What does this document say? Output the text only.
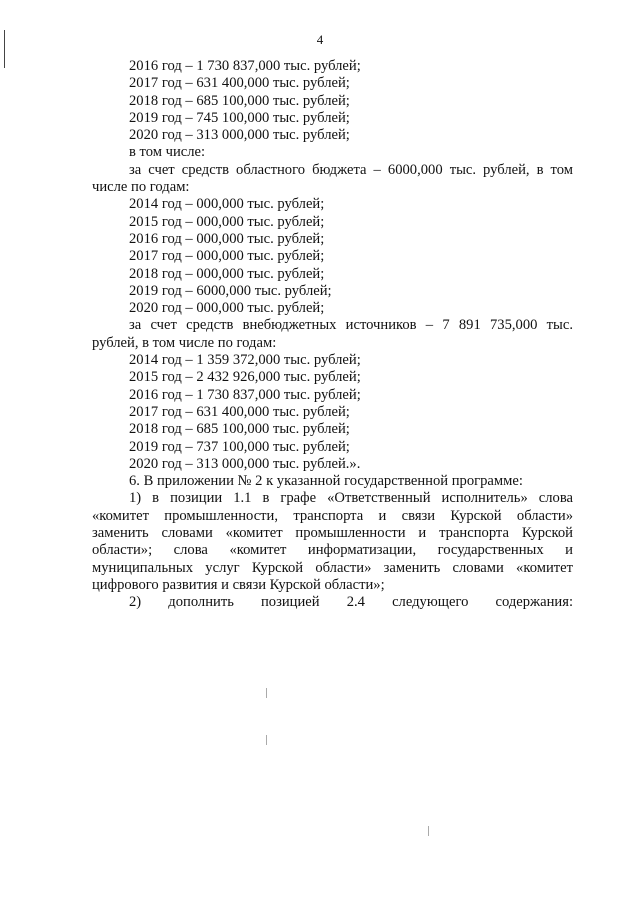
4
2016 год – 1 730 837,000 тыс. рублей;
2017 год – 631 400,000 тыс. рублей;
2018 год – 685 100,000 тыс. рублей;
2019 год – 745 100,000 тыс. рублей;
2020 год – 313 000,000 тыс. рублей;
в том числе:
за счет средств областного бюджета – 6000,000 тыс. рублей, в том
числе по годам:
2014 год – 000,000 тыс. рублей;
2015 год – 000,000 тыс. рублей;
2016 год – 000,000 тыс. рублей;
2017 год – 000,000 тыс. рублей;
2018 год – 000,000 тыс. рублей;
2019 год – 6000,000 тыс. рублей;
2020 год – 000,000 тыс. рублей;
за счет средств внебюджетных источников – 7 891 735,000 тыс.
рублей, в том числе по годам:
2014 год – 1 359 372,000 тыс. рублей;
2015 год – 2 432 926,000 тыс. рублей;
2016 год – 1 730 837,000 тыс. рублей;
2017 год – 631 400,000 тыс. рублей;
2018 год – 685 100,000 тыс. рублей;
2019 год – 737 100,000 тыс. рублей;
2020 год – 313 000,000 тыс. рублей.».
6. В приложении № 2 к указанной государственной программе:
1) в позиции 1.1 в графе «Ответственный исполнитель» слова
«комитет промышленности, транспорта и связи Курской области»
заменить словами «комитет промышленности и транспорта Курской
области»; слова «комитет информатизации, государственных и
муниципальных услуг Курской области» заменить словами «комитет
цифрового развития и связи Курской области»;
2) дополнить позицией 2.4 следующего содержания:
